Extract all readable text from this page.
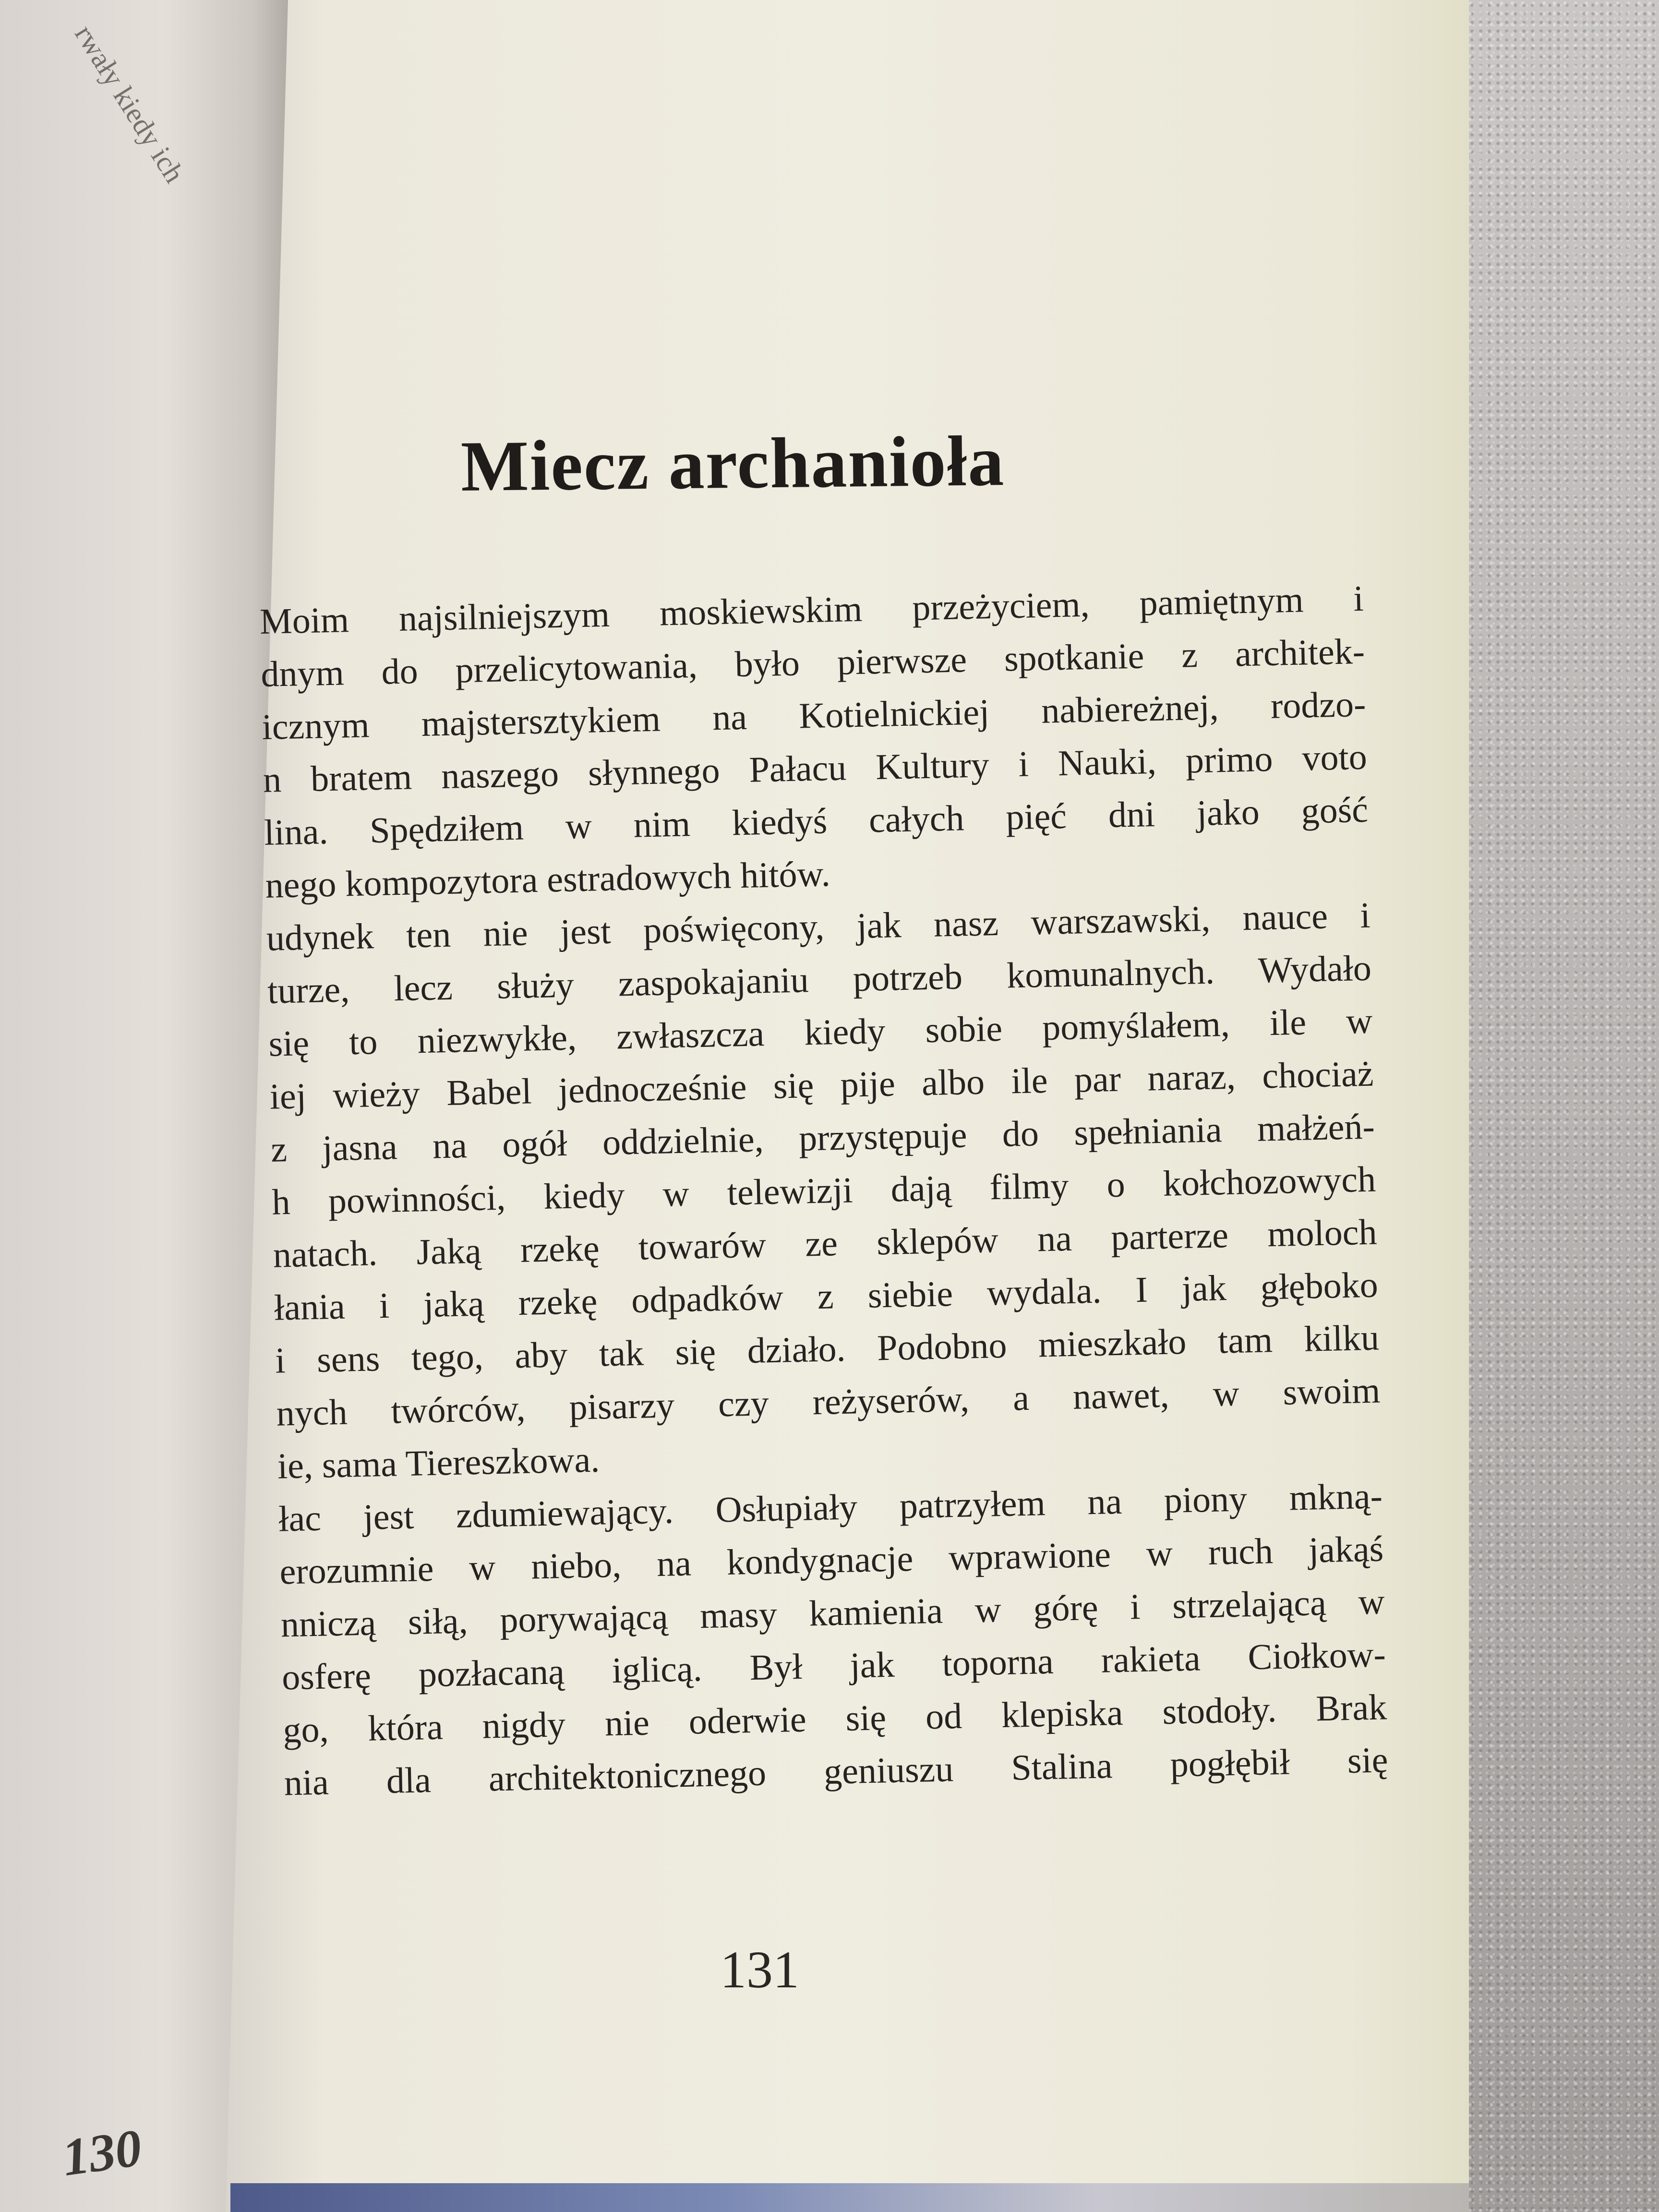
rwały kiedy ich
130
Miecz archanioła
Moim najsilniejszym moskiewskim przeżyciem, pamiętnym i
dnym do przelicytowania, było pierwsze spotkanie z architek-
icznym majstersztykiem na Kotielnickiej nabiereżnej, rodzo-
n bratem naszego słynnego Pałacu Kultury i Nauki, primo voto
lina. Spędziłem w nim kiedyś całych pięć dni jako gość
nego kompozytora estradowych hitów.
udynek ten nie jest poświęcony, jak nasz warszawski, nauce i
turze, lecz służy zaspokajaniu potrzeb komunalnych. Wydało
się to niezwykłe, zwłaszcza kiedy sobie pomyślałem, ile w
iej wieży Babel jednocześnie się pije albo ile par naraz, chociaż
z jasna na ogół oddzielnie, przystępuje do spełniania małżeń-
h powinności, kiedy w telewizji dają filmy o kołchozowych
natach. Jaką rzekę towarów ze sklepów na parterze moloch
łania i jaką rzekę odpadków z siebie wydala. I jak głęboko
i sens tego, aby tak się działo. Podobno mieszkało tam kilku
nych twórców, pisarzy czy reżyserów, a nawet, w swoim
ie, sama Tiereszkowa.
łac jest zdumiewający. Osłupiały patrzyłem na piony mkną-
erozumnie w niebo, na kondygnacje wprawione w ruch jakąś
nniczą siłą, porywającą masy kamienia w górę i strzelającą w
osferę pozłacaną iglicą. Był jak toporna rakieta Ciołkow-
go, która nigdy nie oderwie się od klepiska stodoły. Brak
nia dla architektonicznego geniuszu Stalina pogłębił się
131
